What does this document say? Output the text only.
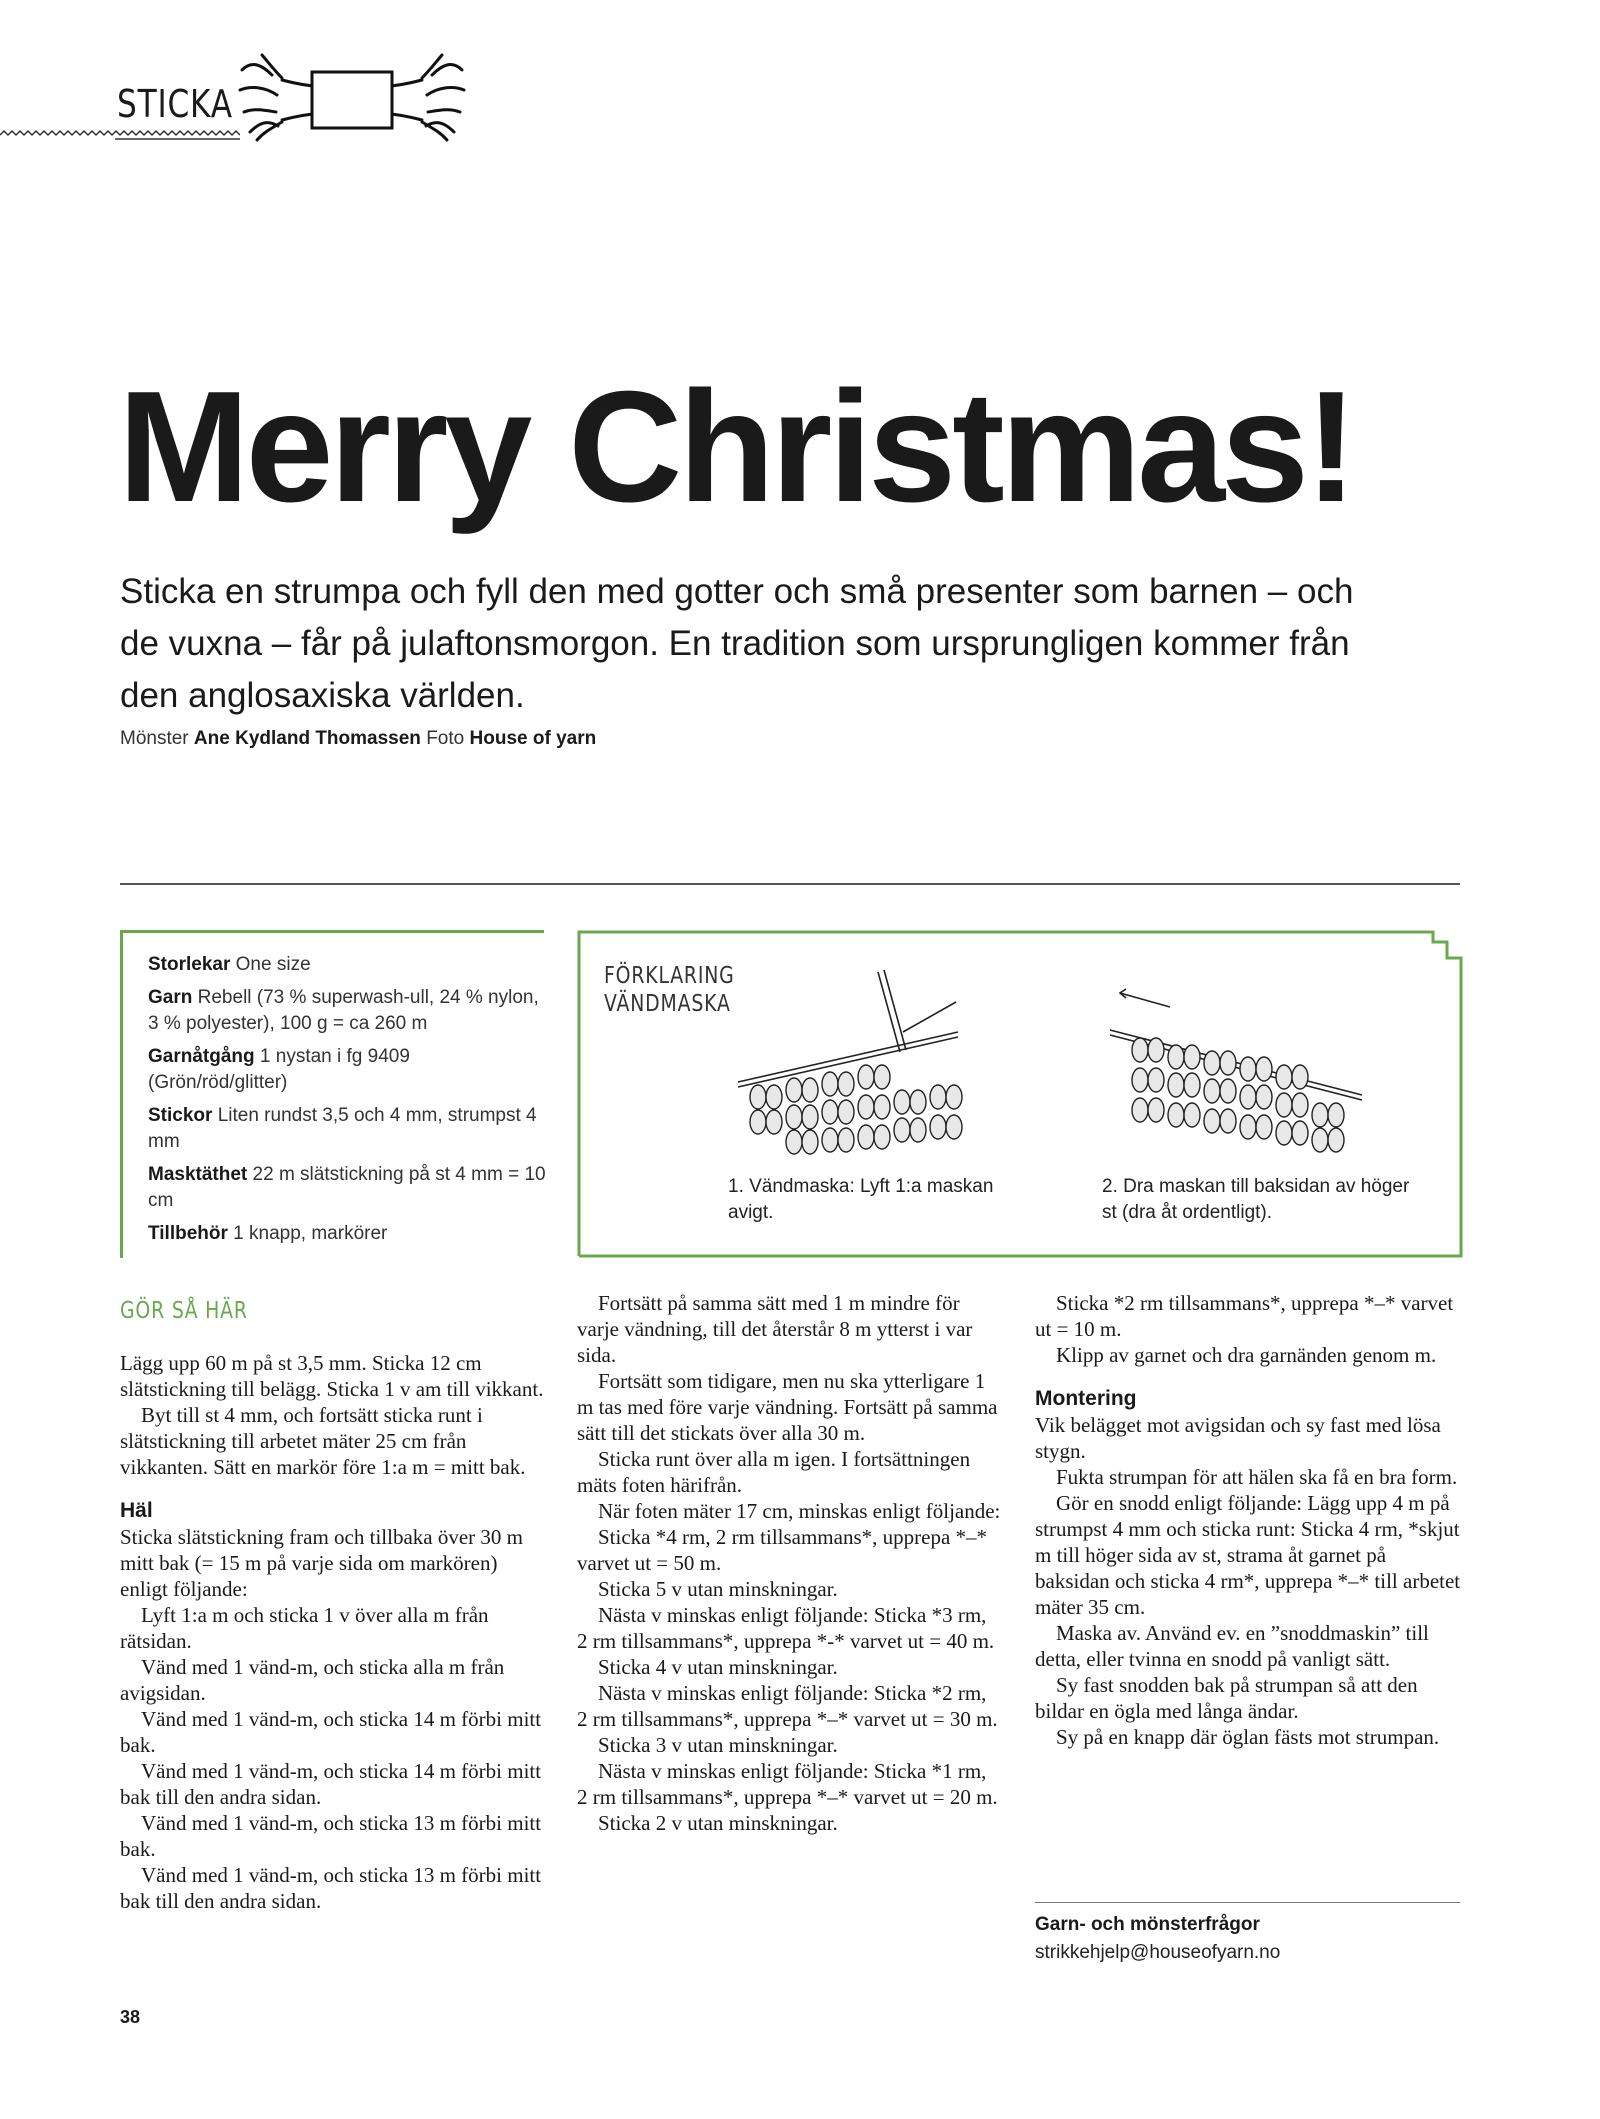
STICKA
Merry Christmas!

Sticka en strumpa och fyll den med gotter och små presenter som barnen – och de vuxna – får på julaftonsmorgon. En tradition som ursprungligen kommer från den anglosaxiska världen.

Mönster Ane Kydland Thomassen Foto House of yarn

Storlekar One size

Garn Rebell (73 % superwash-ull, 24 % nylon, 3 % polyester), 100 g = ca 260 m

Garnåtgång 1 nystan i fg 9409 (Grön/röd/glitter)

Stickor Liten rundst 3,5 och 4 mm, strumpst 4 mm

Masktäthet 22 m slätstickning på st 4 mm = 10 cm

Tillbehör 1 knapp, markörer

FÖRKLARING
VÄNDMASKA

1. Vändmaska: Lyft 1:a maskan avigt.

2. Dra maskan till baksidan av höger st (dra åt ordentligt).

GÖR SÅ HÄR

Lägg upp 60 m på st 3,5 mm. Sticka 12 cm slätstickning till belägg. Sticka 1 v am till vikkant.

Byt till st 4 mm, och fortsätt sticka runt i slätstickning till arbetet mäter 25 cm från vikkanten. Sätt en markör före 1:a m = mitt bak.

Häl

Sticka slätstickning fram och tillbaka över 30 m mitt bak (= 15 m på varje sida om markören) enligt följande:

Lyft 1:a m och sticka 1 v över alla m från rätsidan.

Vänd med 1 vänd-m, och sticka alla m från avigsidan.

Vänd med 1 vänd-m, och sticka 14 m förbi mitt bak.

Vänd med 1 vänd-m, och sticka 14 m förbi mitt bak till den andra sidan.

Vänd med 1 vänd-m, och sticka 13 m förbi mitt bak.

Vänd med 1 vänd-m, och sticka 13 m förbi mitt bak till den andra sidan.

Fortsätt på samma sätt med 1 m mindre för varje vändning, till det återstår 8 m ytterst i var sida.

Fortsätt som tidigare, men nu ska ytterligare 1 m tas med före varje vändning. Fortsätt på samma sätt till det stickats över alla 30 m.

Sticka runt över alla m igen. I fortsättningen mäts foten härifrån.

När foten mäter 17 cm, minskas enligt följande:

Sticka *4 rm, 2 rm tillsammans*, upprepa *–* varvet ut = 50 m.

Sticka 5 v utan minskningar.

Nästa v minskas enligt följande: Sticka *3 rm, 2 rm tillsammans*, upprepa *-* varvet ut = 40 m.

Sticka 4 v utan minskningar.

Nästa v minskas enligt följande: Sticka *2 rm, 2 rm tillsammans*, upprepa *–* varvet ut = 30 m.

Sticka 3 v utan minskningar.

Nästa v minskas enligt följande: Sticka *1 rm, 2 rm tillsammans*, upprepa *–* varvet ut = 20 m.

Sticka 2 v utan minskningar.

Sticka *2 rm tillsammans*, upprepa *–* varvet ut = 10 m.

Klipp av garnet och dra garnänden genom m.

Montering

Vik belägget mot avigsidan och sy fast med lösa stygn.

Fukta strumpan för att hälen ska få en bra form.

Gör en snodd enligt följande: Lägg upp 4 m på strumpst 4 mm och sticka runt: Sticka 4 rm, *skjut m till höger sida av st, strama åt garnet på baksidan och sticka 4 rm*, upprepa *–* till arbetet mäter 35 cm.

Maska av. Använd ev. en ”snoddmaskin” till detta, eller tvinna en snodd på vanligt sätt.

Sy fast snodden bak på strumpan så att den bildar en ögla med långa ändar.

Sy på en knapp där öglan fästs mot strumpan.

Garn- och mönsterfrågor
strikkehjelp@houseofyarn.no
38
